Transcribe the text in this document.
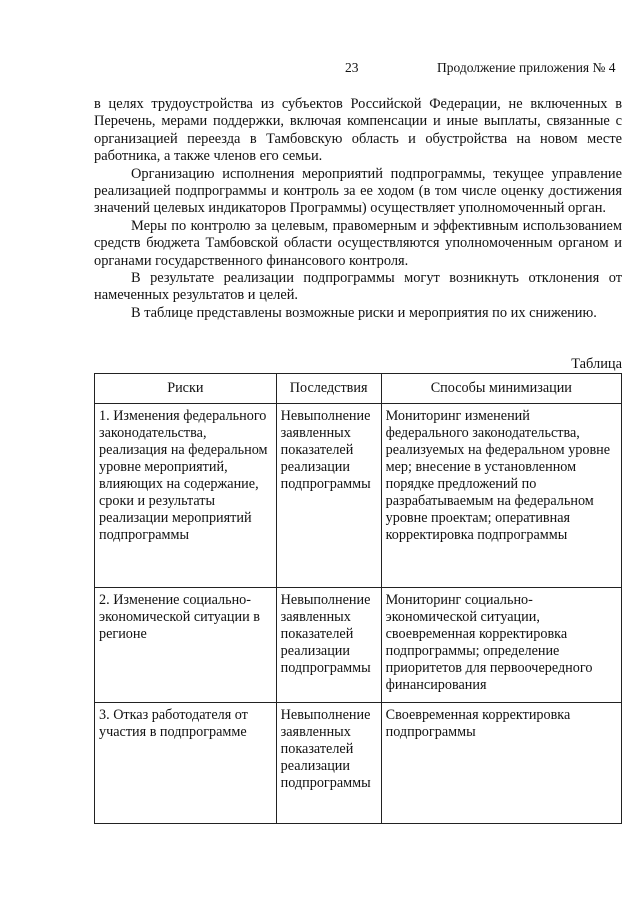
23	Продолжение приложения № 4

в целях трудоустройства из субъектов Российской Федерации, не включенных в Перечень, мерами поддержки, включая компенсации и иные выплаты, связанные с организацией переезда в Тамбовскую область и обустройства на новом месте работника, а также членов его семьи.

Организацию исполнения мероприятий подпрограммы, текущее управление реализацией подпрограммы и контроль за ее ходом (в том числе оценку достижения значений целевых индикаторов Программы) осуществляет уполномоченный орган.

Меры по контролю за целевым, правомерным и эффективным использованием средств бюджета Тамбовской области осуществляются уполномоченным органом и органами государственного финансового контроля.

В результате реализации подпрограммы могут возникнуть отклонения от намеченных результатов и целей.

В таблице представлены возможные риски и мероприятия по их снижению.

Таблица
Риски	Последствия	Способы минимизации
1. Изменения федерального законодательства, реализация на федеральном уровне мероприятий, влияющих на содержание, сроки и результаты реализации мероприятий подпрограммы	Невыполнение заявленных показателей реализации подпрограммы	Мониторинг изменений федерального законодательства, реализуемых на федеральном уровне мер; внесение в установленном порядке предложений по разрабатываемым на федеральном уровне проектам; оперативная корректировка подпрограммы
2. Изменение социально-экономической ситуации в регионе	Невыполнение заявленных показателей реализации подпрограммы	Мониторинг социально-экономической ситуации, своевременная корректировка подпрограммы; определение приоритетов для первоочередного финансирования
3. Отказ работодателя от участия в подпрограмме	Невыполнение заявленных показателей реализации подпрограммы	Своевременная корректировка подпрограммы
